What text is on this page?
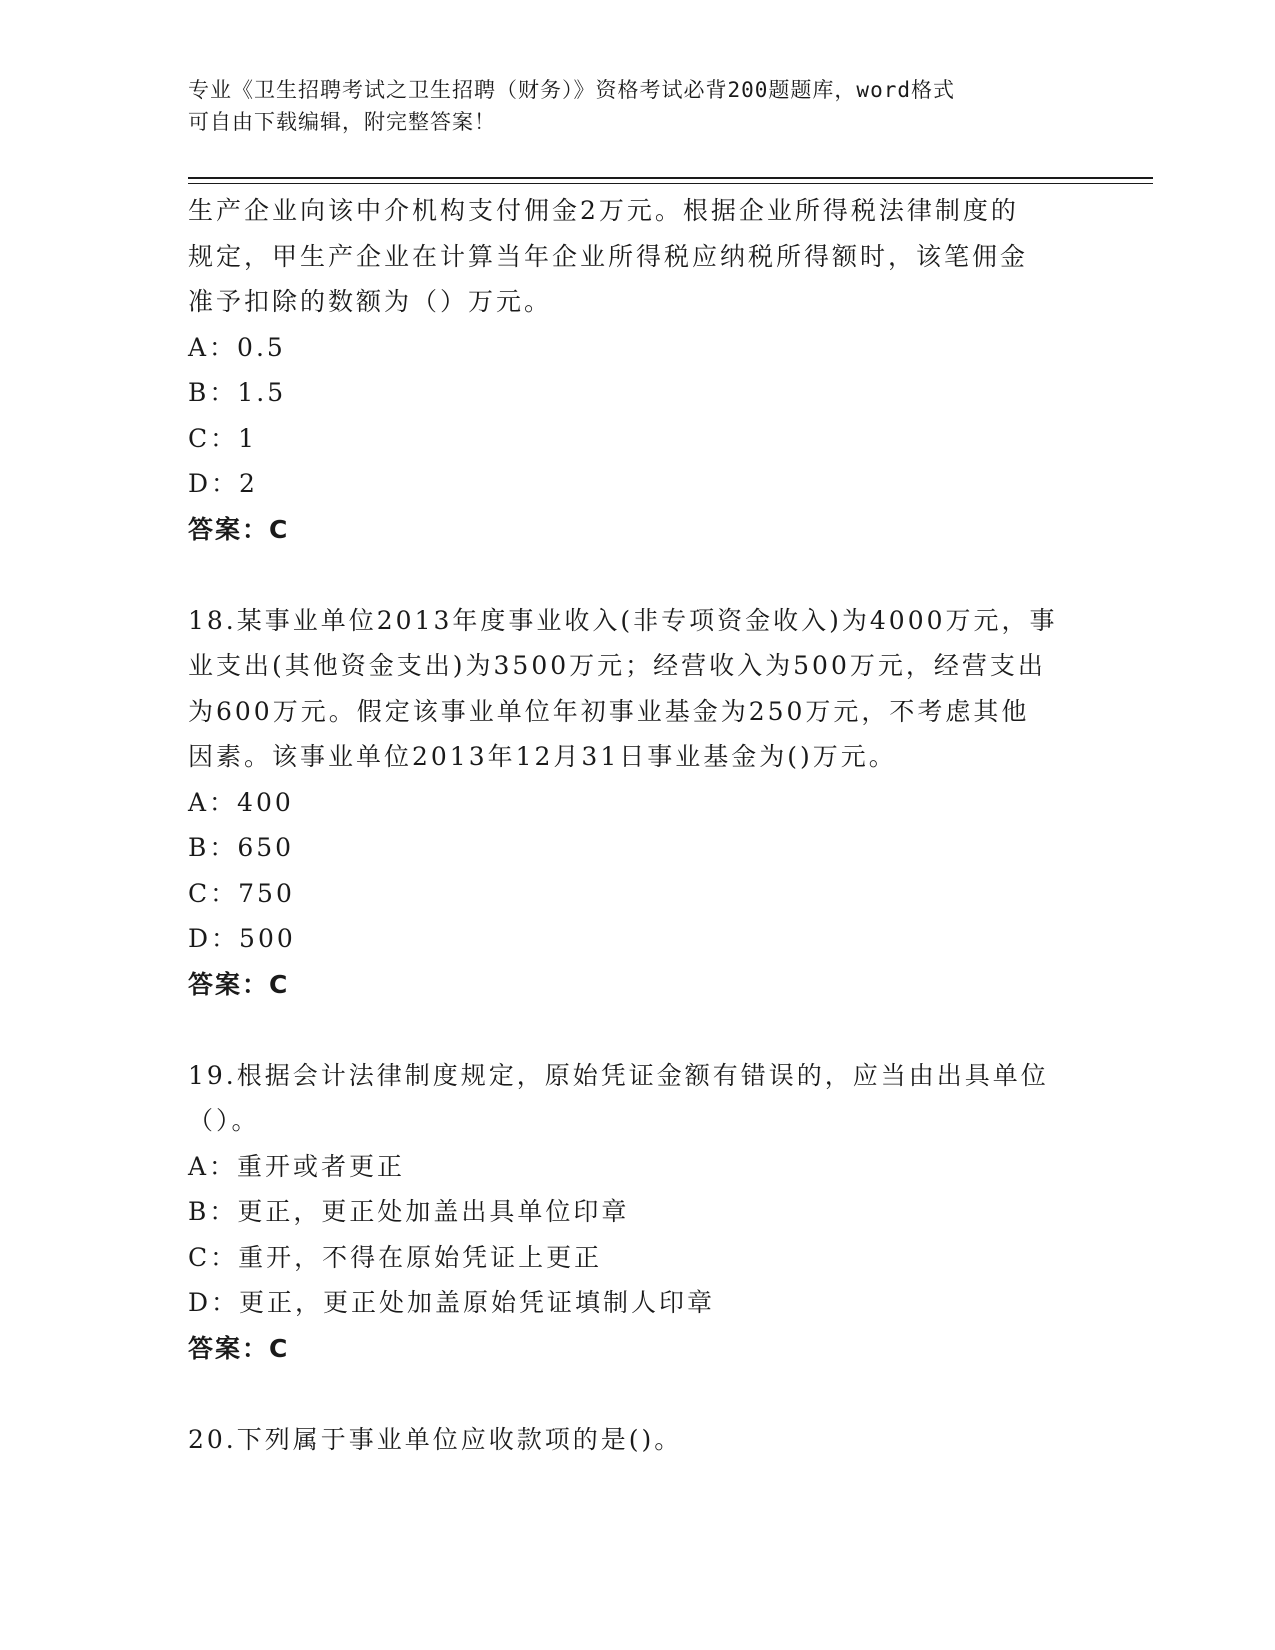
专业《卫生招聘考试之卫生招聘（财务）》资格考试必背200题题库，word格式
可自由下载编辑，附完整答案！

生产企业向该中介机构支付佣金2万元。根据企业所得税法律制度的

规定，甲生产企业在计算当年企业所得税应纳税所得额时，该笔佣金

准予扣除的数额为（）万元。

A：0.5

B：1.5

C：1

D：2

答案：C

18.某事业单位2013年度事业收入(非专项资金收入)为4000万元，事

业支出(其他资金支出)为3500万元；经营收入为500万元，经营支出

为600万元。假定该事业单位年初事业基金为250万元，不考虑其他

因素。该事业单位2013年12月31日事业基金为()万元。

A：400

B：650

C：750

D：500

答案：C

19.根据会计法律制度规定，原始凭证金额有错误的，应当由出具单位

（）。

A：重开或者更正

B：更正，更正处加盖出具单位印章

C：重开，不得在原始凭证上更正

D：更正，更正处加盖原始凭证填制人印章

答案：C

20.下列属于事业单位应收款项的是()。
